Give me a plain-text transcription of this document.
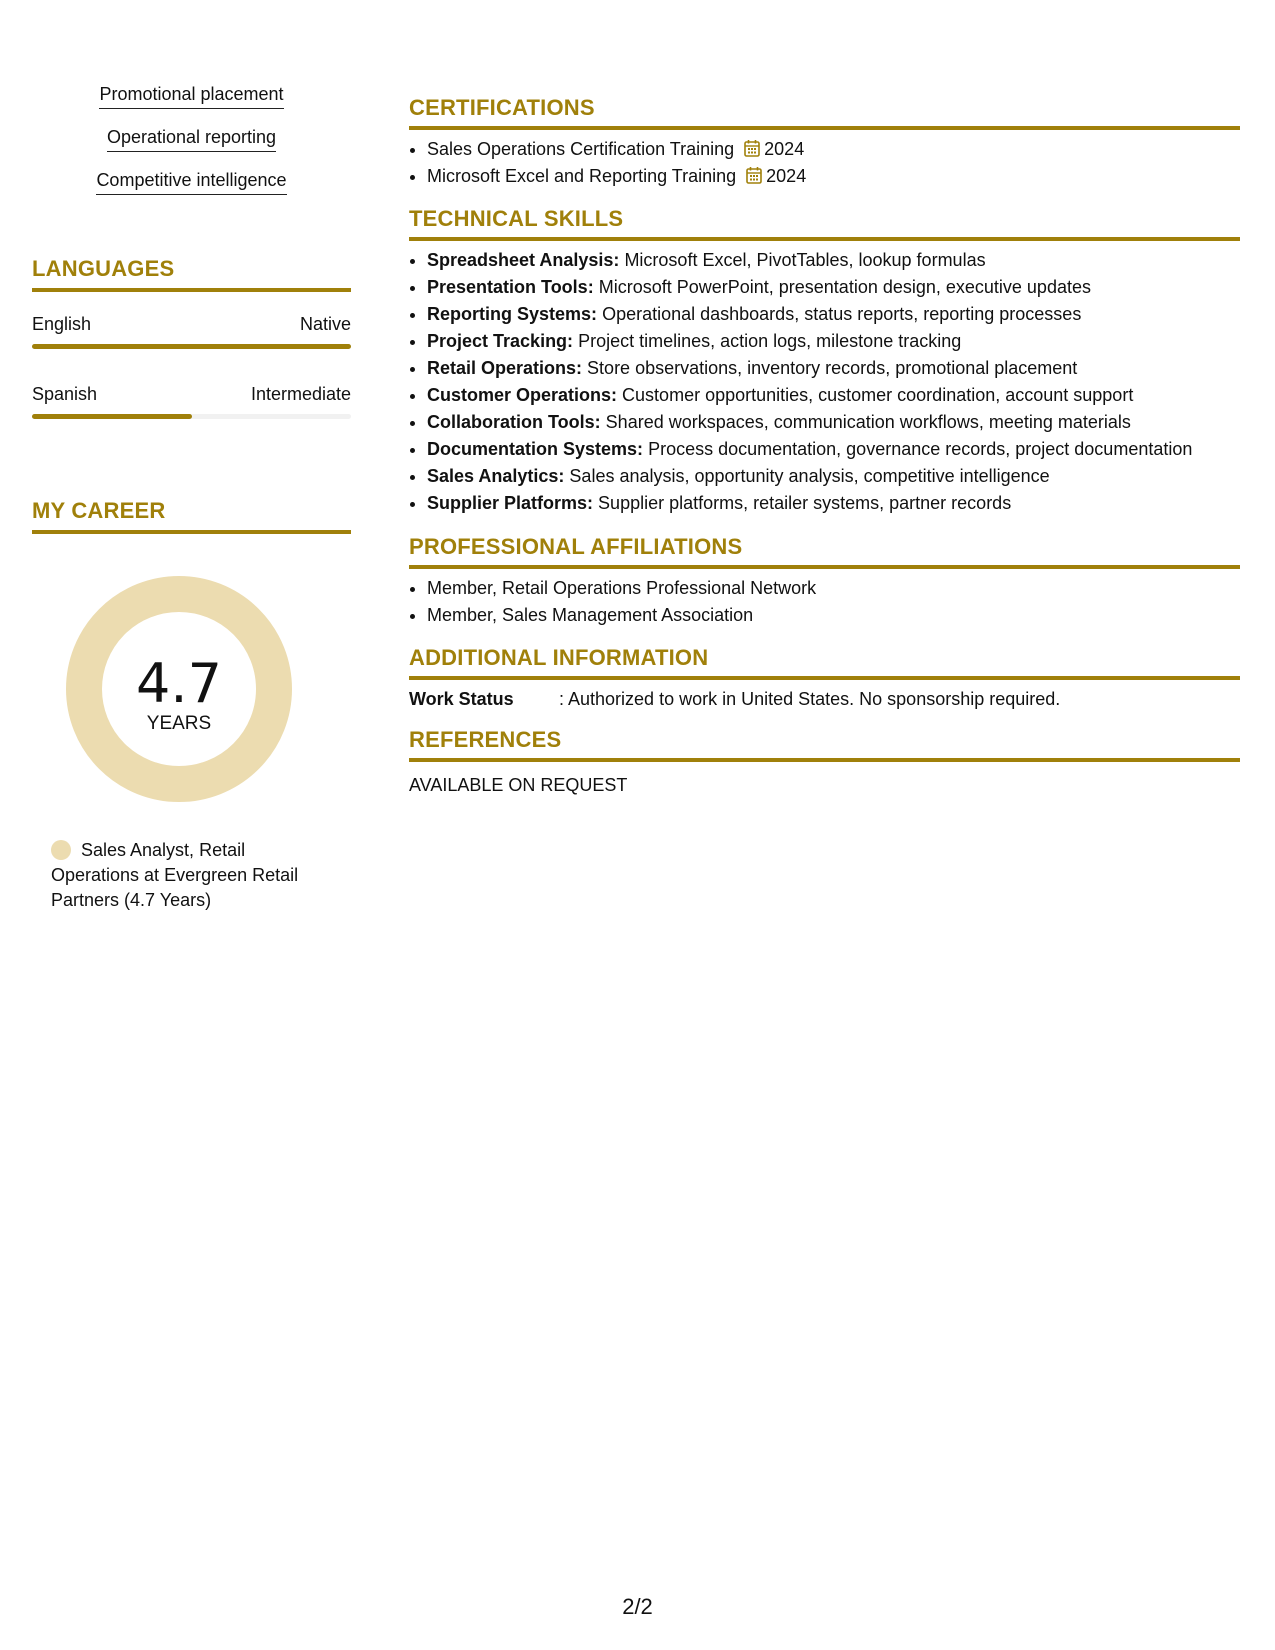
Promotional placement
Operational reporting
Competitive intelligence
LANGUAGES
English	Native
Spanish	Intermediate
MY CAREER
4.7
YEARS
Sales Analyst, Retail Operations at Evergreen Retail Partners (4.7 Years)
CERTIFICATIONS
• Sales Operations Certification Training 2024
• Microsoft Excel and Reporting Training 2024
TECHNICAL SKILLS
• Spreadsheet Analysis: Microsoft Excel, PivotTables, lookup formulas
• Presentation Tools: Microsoft PowerPoint, presentation design, executive updates
• Reporting Systems: Operational dashboards, status reports, reporting processes
• Project Tracking: Project timelines, action logs, milestone tracking
• Retail Operations: Store observations, inventory records, promotional placement
• Customer Operations: Customer opportunities, customer coordination, account support
• Collaboration Tools: Shared workspaces, communication workflows, meeting materials
• Documentation Systems: Process documentation, governance records, project documentation
• Sales Analytics: Sales analysis, opportunity analysis, competitive intelligence
• Supplier Platforms: Supplier platforms, retailer systems, partner records
PROFESSIONAL AFFILIATIONS
• Member, Retail Operations Professional Network
• Member, Sales Management Association
ADDITIONAL INFORMATION
Work Status	: Authorized to work in United States. No sponsorship required.
REFERENCES
AVAILABLE ON REQUEST
2/2
